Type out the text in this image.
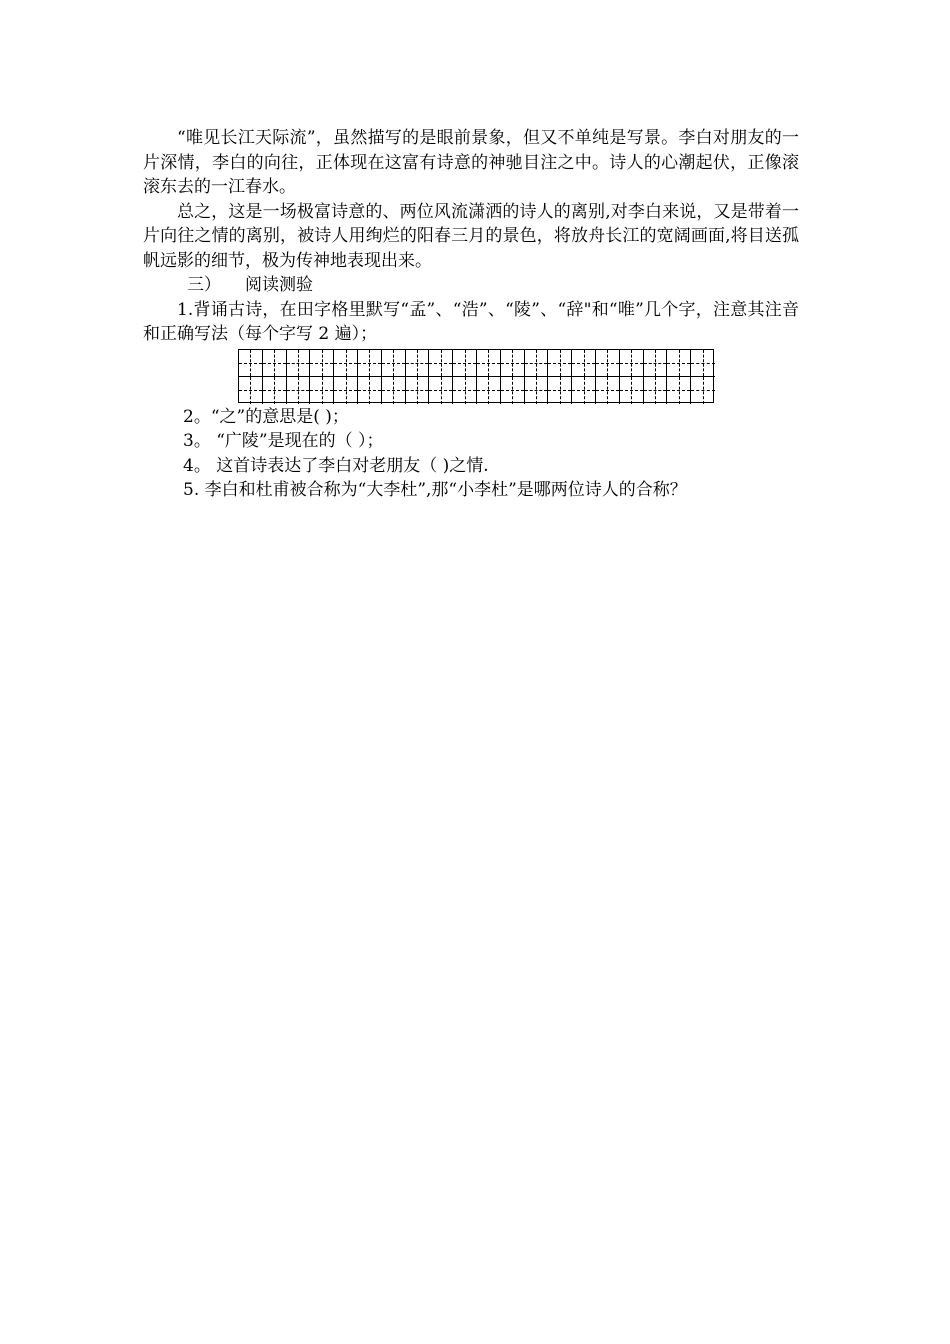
“唯见长江天际流”，虽然描写的是眼前景象，但又不单纯是写景。李白对朋友的一片深情，李白的向往，正体现在这富有诗意的神驰目注之中。诗人的心潮起伏，正像滚滚东去的一江春水。

总之，这是一场极富诗意的、两位风流潇洒的诗人的离别,对李白来说，又是带着一片向往之情的离别，被诗人用绚烂的阳春三月的景色，将放舟长江的宽阔画面,将目送孤帆远影的细节，极为传神地表现出来。

三） 阅读测验

1.背诵古诗，在田字格里默写“孟”、“浩”、“陵”、“辞"和“唯”几个字，注意其注音和正确写法（每个字写 2 遍）；

2。“之”的意思是( )；

3。 “广陵”是现在的（ ）；

4。 这首诗表达了李白对老朋友（ )之情.

5. 李白和杜甫被合称为“大李杜”,那“小李杜”是哪两位诗人的合称？
